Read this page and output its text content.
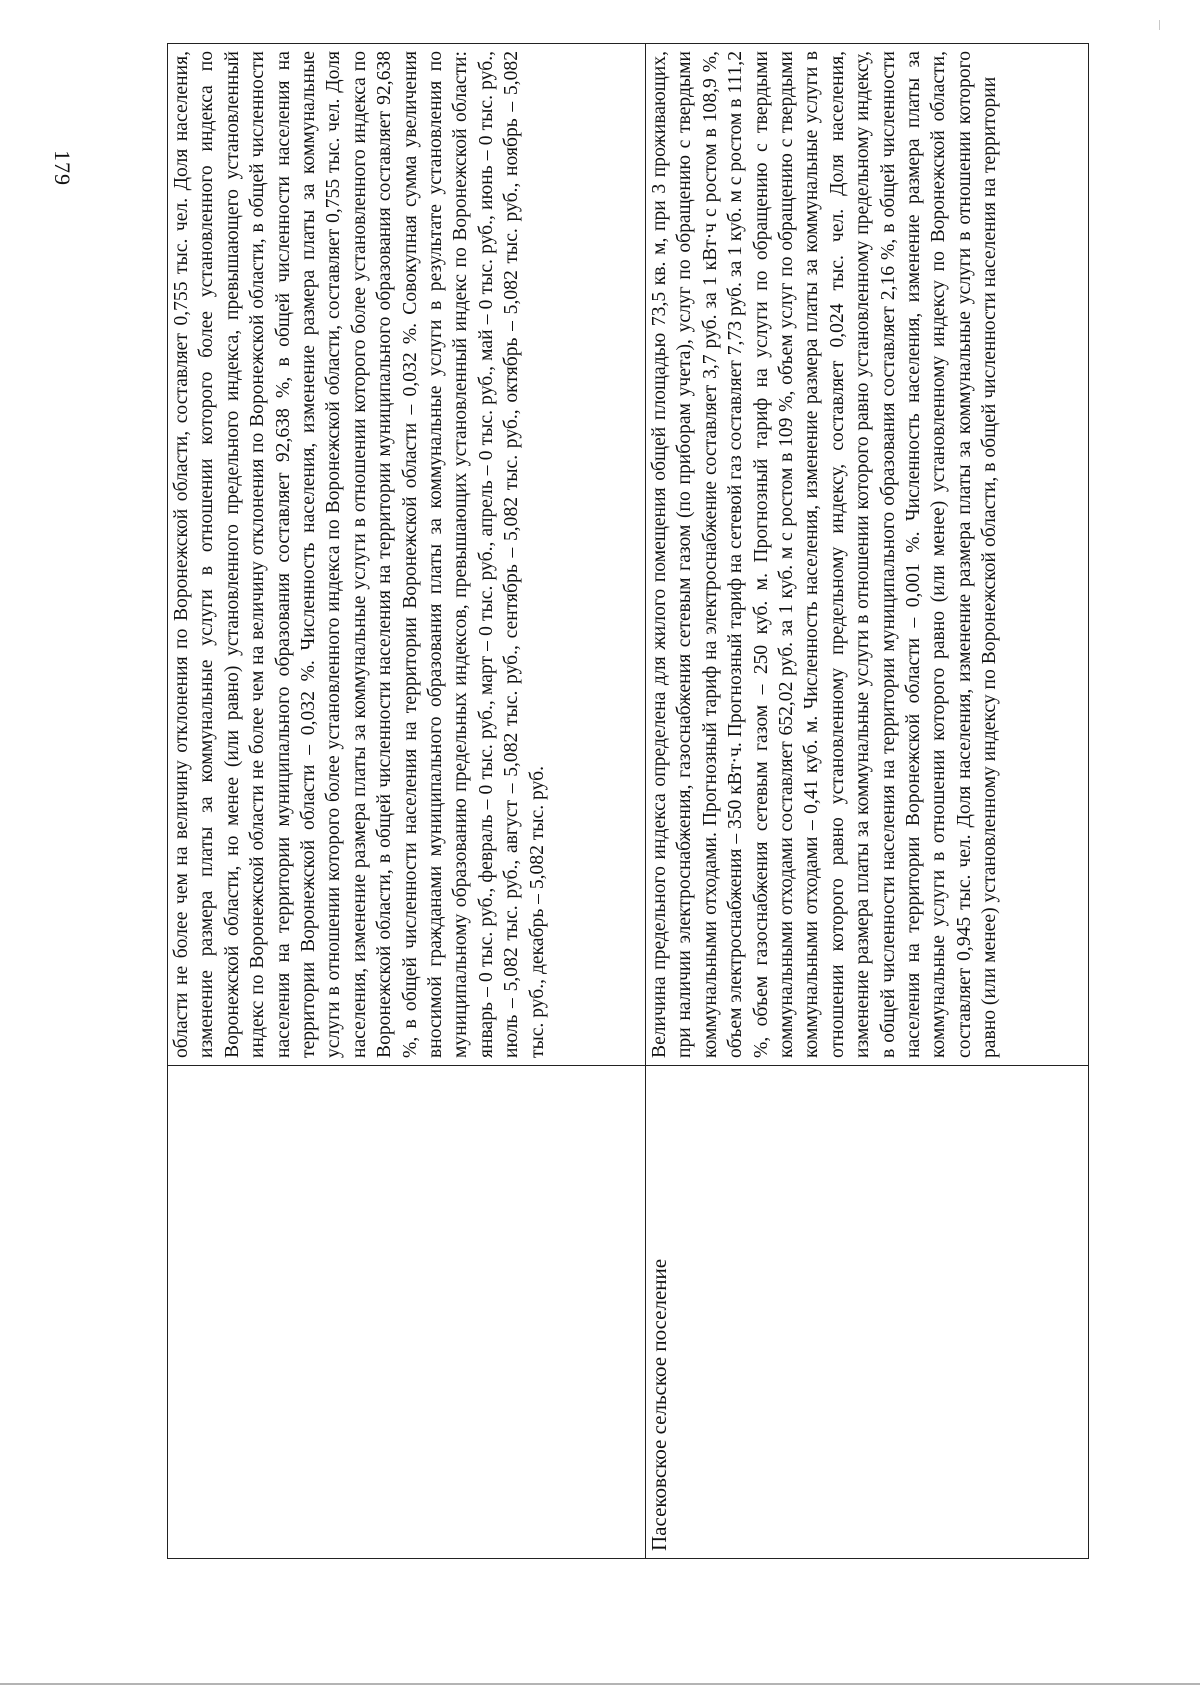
179
		области не более чем на величину отклонения по Воронежской области, составляет 0,755 тыс. чел. Доля населения, изменение размера платы за коммунальные услуги в отношении которого более установленного индекса по Воронежской области, но менее (или равно) установленного предельного индекса, превышающего установленный индекс по Воронежской области не более чем на величину отклонения по Воронежской области, в общей численности населения на территории муниципального образования составляет 92,638 %, в общей численности населения на территории Воронежской области – 0,032 %. Численность населения, изменение размера платы за коммунальные услуги в отношении которого более установленного индекса по Воронежской области, составляет 0,755 тыс. чел. Доля населения, изменение размера платы за коммунальные услуги в отношении которого более установленного индекса по Воронежской области, в общей численности населения на территории муниципального образования составляет 92,638 %, в общей численности населения на территории Воронежской области – 0,032 %. Совокупная сумма увеличения вносимой гражданами муниципального образования платы за коммунальные услуги в результате установления по муниципальному образованию предельных индексов, превышающих установленный индекс по Воронежской области: январь – 0 тыс. руб., февраль – 0 тыс. руб., март – 0 тыс. руб., апрель – 0 тыс. руб., май – 0 тыс. руб., июнь – 0 тыс. руб., июль – 5,082 тыс. руб., август – 5,082 тыс. руб., сентябрь – 5,082 тыс. руб., октябрь – 5,082 тыс. руб., ноябрь – 5,082 тыс. руб., декабрь – 5,082 тыс. руб.
Пасековское сельское поселение	Величина предельного индекса определена для жилого помещения общей площадью 73,5 кв. м, при 3 проживающих, при наличии электроснабжения, газоснабжения сетевым газом (по приборам учета), услуг по обращению с твердыми коммунальными отходами. Прогнозный тариф на электроснабжение составляет 3,7 руб. за 1 кВт·ч с ростом в 108,9 %, объем электроснабжения – 350 кВт·ч. Прогнозный тариф на сетевой газ составляет 7,73 руб. за 1 куб. м с ростом в 111,2 %, объем газоснабжения сетевым газом – 250 куб. м. Прогнозный тариф на услуги по обращению с твердыми коммунальными отходами составляет 652,02 руб. за 1 куб. м с ростом в 109 %, объем услуг по обращению с твердыми коммунальными отходами – 0,41 куб. м. Численность населения, изменение размера платы за коммунальные услуги в отношении которого равно установленному предельному индексу, составляет 0,024 тыс. чел. Доля населения, изменение размера платы за коммунальные услуги в отношении которого равно установленному предельному индексу, в общей численности населения на территории муниципального образования составляет 2,16 %, в общей численности населения на территории Воронежской области – 0,001 %. Численность населения, изменение размера платы за коммунальные услуги в отношении которого равно (или менее) установленному индексу по Воронежской области, составляет 0,945 тыс. чел. Доля населения, изменение размера платы за коммунальные услуги в отношении которого равно (или менее) установленному индексу по Воронежской области, в общей численности населения на территории
